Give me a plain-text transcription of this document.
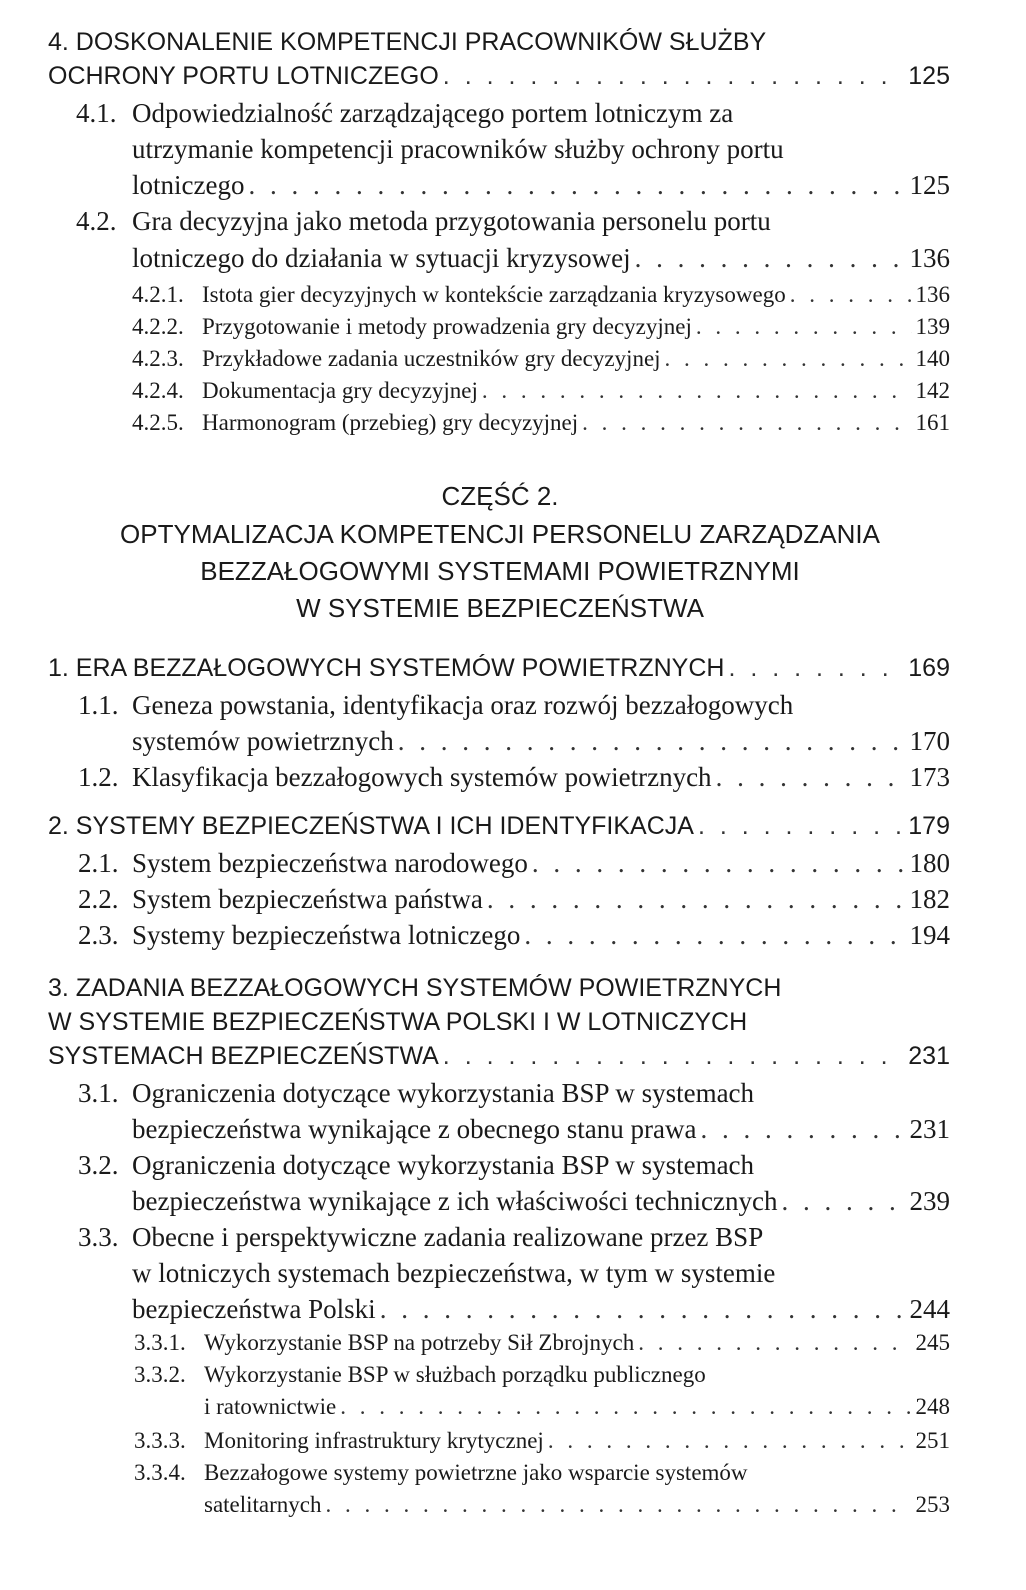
4. DOSKONALENIE KOMPETENCJI PRACOWNIKÓW SŁUŻBY
OCHRONY PORTU LOTNICZEGO . . .	125
4.1. Odpowiedzialność zarządzającego portem lotniczym za
utrzymanie kompetencji pracowników służby ochrony portu
lotniczego . . .	125
4.2. Gra decyzyjna jako metoda przygotowania personelu portu
lotniczego do działania w sytuacji kryzysowej . . .	136
4.2.1. Istota gier decyzyjnych w kontekście zarządzania kryzysowego . . .	136
4.2.2. Przygotowanie i metody prowadzenia gry decyzyjnej . . .	139
4.2.3. Przykładowe zadania uczestników gry decyzyjnej . . .	140
4.2.4. Dokumentacja gry decyzyjnej . . .	142
4.2.5. Harmonogram (przebieg) gry decyzyjnej . . .	161
CZĘŚĆ 2.
OPTYMALIZACJA KOMPETENCJI PERSONELU ZARZĄDZANIA
BEZZAŁOGOWYMI SYSTEMAMI POWIETRZNYMI
W SYSTEMIE BEZPIECZEŃSTWA
1. ERA BEZZAŁOGOWYCH SYSTEMÓW POWIETRZNYCH . . .	169
1.1. Geneza powstania, identyfikacja oraz rozwój bezzałogowych
systemów powietrznych . . .	170
1.2. Klasyfikacja bezzałogowych systemów powietrznych . . .	173
2. SYSTEMY BEZPIECZEŃSTWA I ICH IDENTYFIKACJA . . .	179
2.1. System bezpieczeństwa narodowego . . .	180
2.2. System bezpieczeństwa państwa . . .	182
2.3. Systemy bezpieczeństwa lotniczego . . .	194
3. ZADANIA BEZZAŁOGOWYCH SYSTEMÓW POWIETRZNYCH
W SYSTEMIE BEZPIECZEŃSTWA POLSKI I W LOTNICZYCH
SYSTEMACH BEZPIECZEŃSTWA . . .	231
3.1. Ograniczenia dotyczące wykorzystania BSP w systemach
bezpieczeństwa wynikające z obecnego stanu prawa . . .	231
3.2. Ograniczenia dotyczące wykorzystania BSP w systemach
bezpieczeństwa wynikające z ich właściwości technicznych . . .	239
3.3. Obecne i perspektywiczne zadania realizowane przez BSP
w lotniczych systemach bezpieczeństwa, w tym w systemie
bezpieczeństwa Polski . . .	244
3.3.1. Wykorzystanie BSP na potrzeby Sił Zbrojnych . . .	245
3.3.2. Wykorzystanie BSP w służbach porządku publicznego
i ratownictwie . . .	248
3.3.3. Monitoring infrastruktury krytycznej . . .	251
3.3.4. Bezzałogowe systemy powietrzne jako wsparcie systemów
satelitarnych . . .	253
